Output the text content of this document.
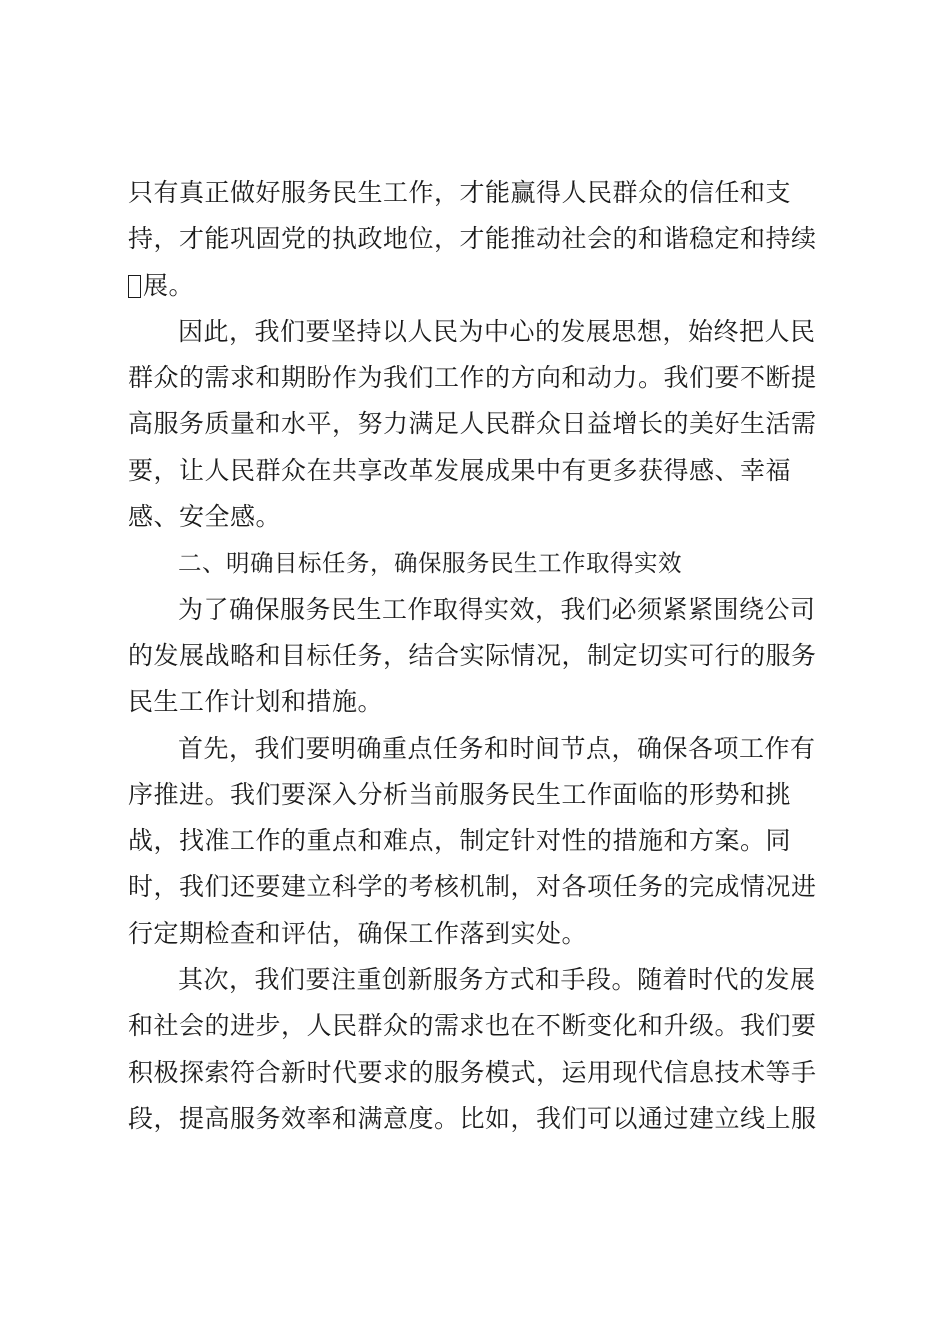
只有真正做好服务民生工作，才能赢得人民群众的信任和支
持，才能巩固党的执政地位，才能推动社会的和谐稳定和持续
展。
因此，我们要坚持以人民为中心的发展思想，始终把人民
群众的需求和期盼作为我们工作的方向和动力。我们要不断提
高服务质量和水平，努力满足人民群众日益增长的美好生活需
要，让人民群众在共享改革发展成果中有更多获得感、幸福
感、安全感。
二、明确目标任务，确保服务民生工作取得实效
为了确保服务民生工作取得实效，我们必须紧紧围绕公司
的发展战略和目标任务，结合实际情况，制定切实可行的服务
民生工作计划和措施。
首先，我们要明确重点任务和时间节点，确保各项工作有
序推进。我们要深入分析当前服务民生工作面临的形势和挑
战，找准工作的重点和难点，制定针对性的措施和方案。同
时，我们还要建立科学的考核机制，对各项任务的完成情况进
行定期检查和评估，确保工作落到实处。
其次，我们要注重创新服务方式和手段。随着时代的发展
和社会的进步，人民群众的需求也在不断变化和升级。我们要
积极探索符合新时代要求的服务模式，运用现代信息技术等手
段，提高服务效率和满意度。比如，我们可以通过建立线上服
